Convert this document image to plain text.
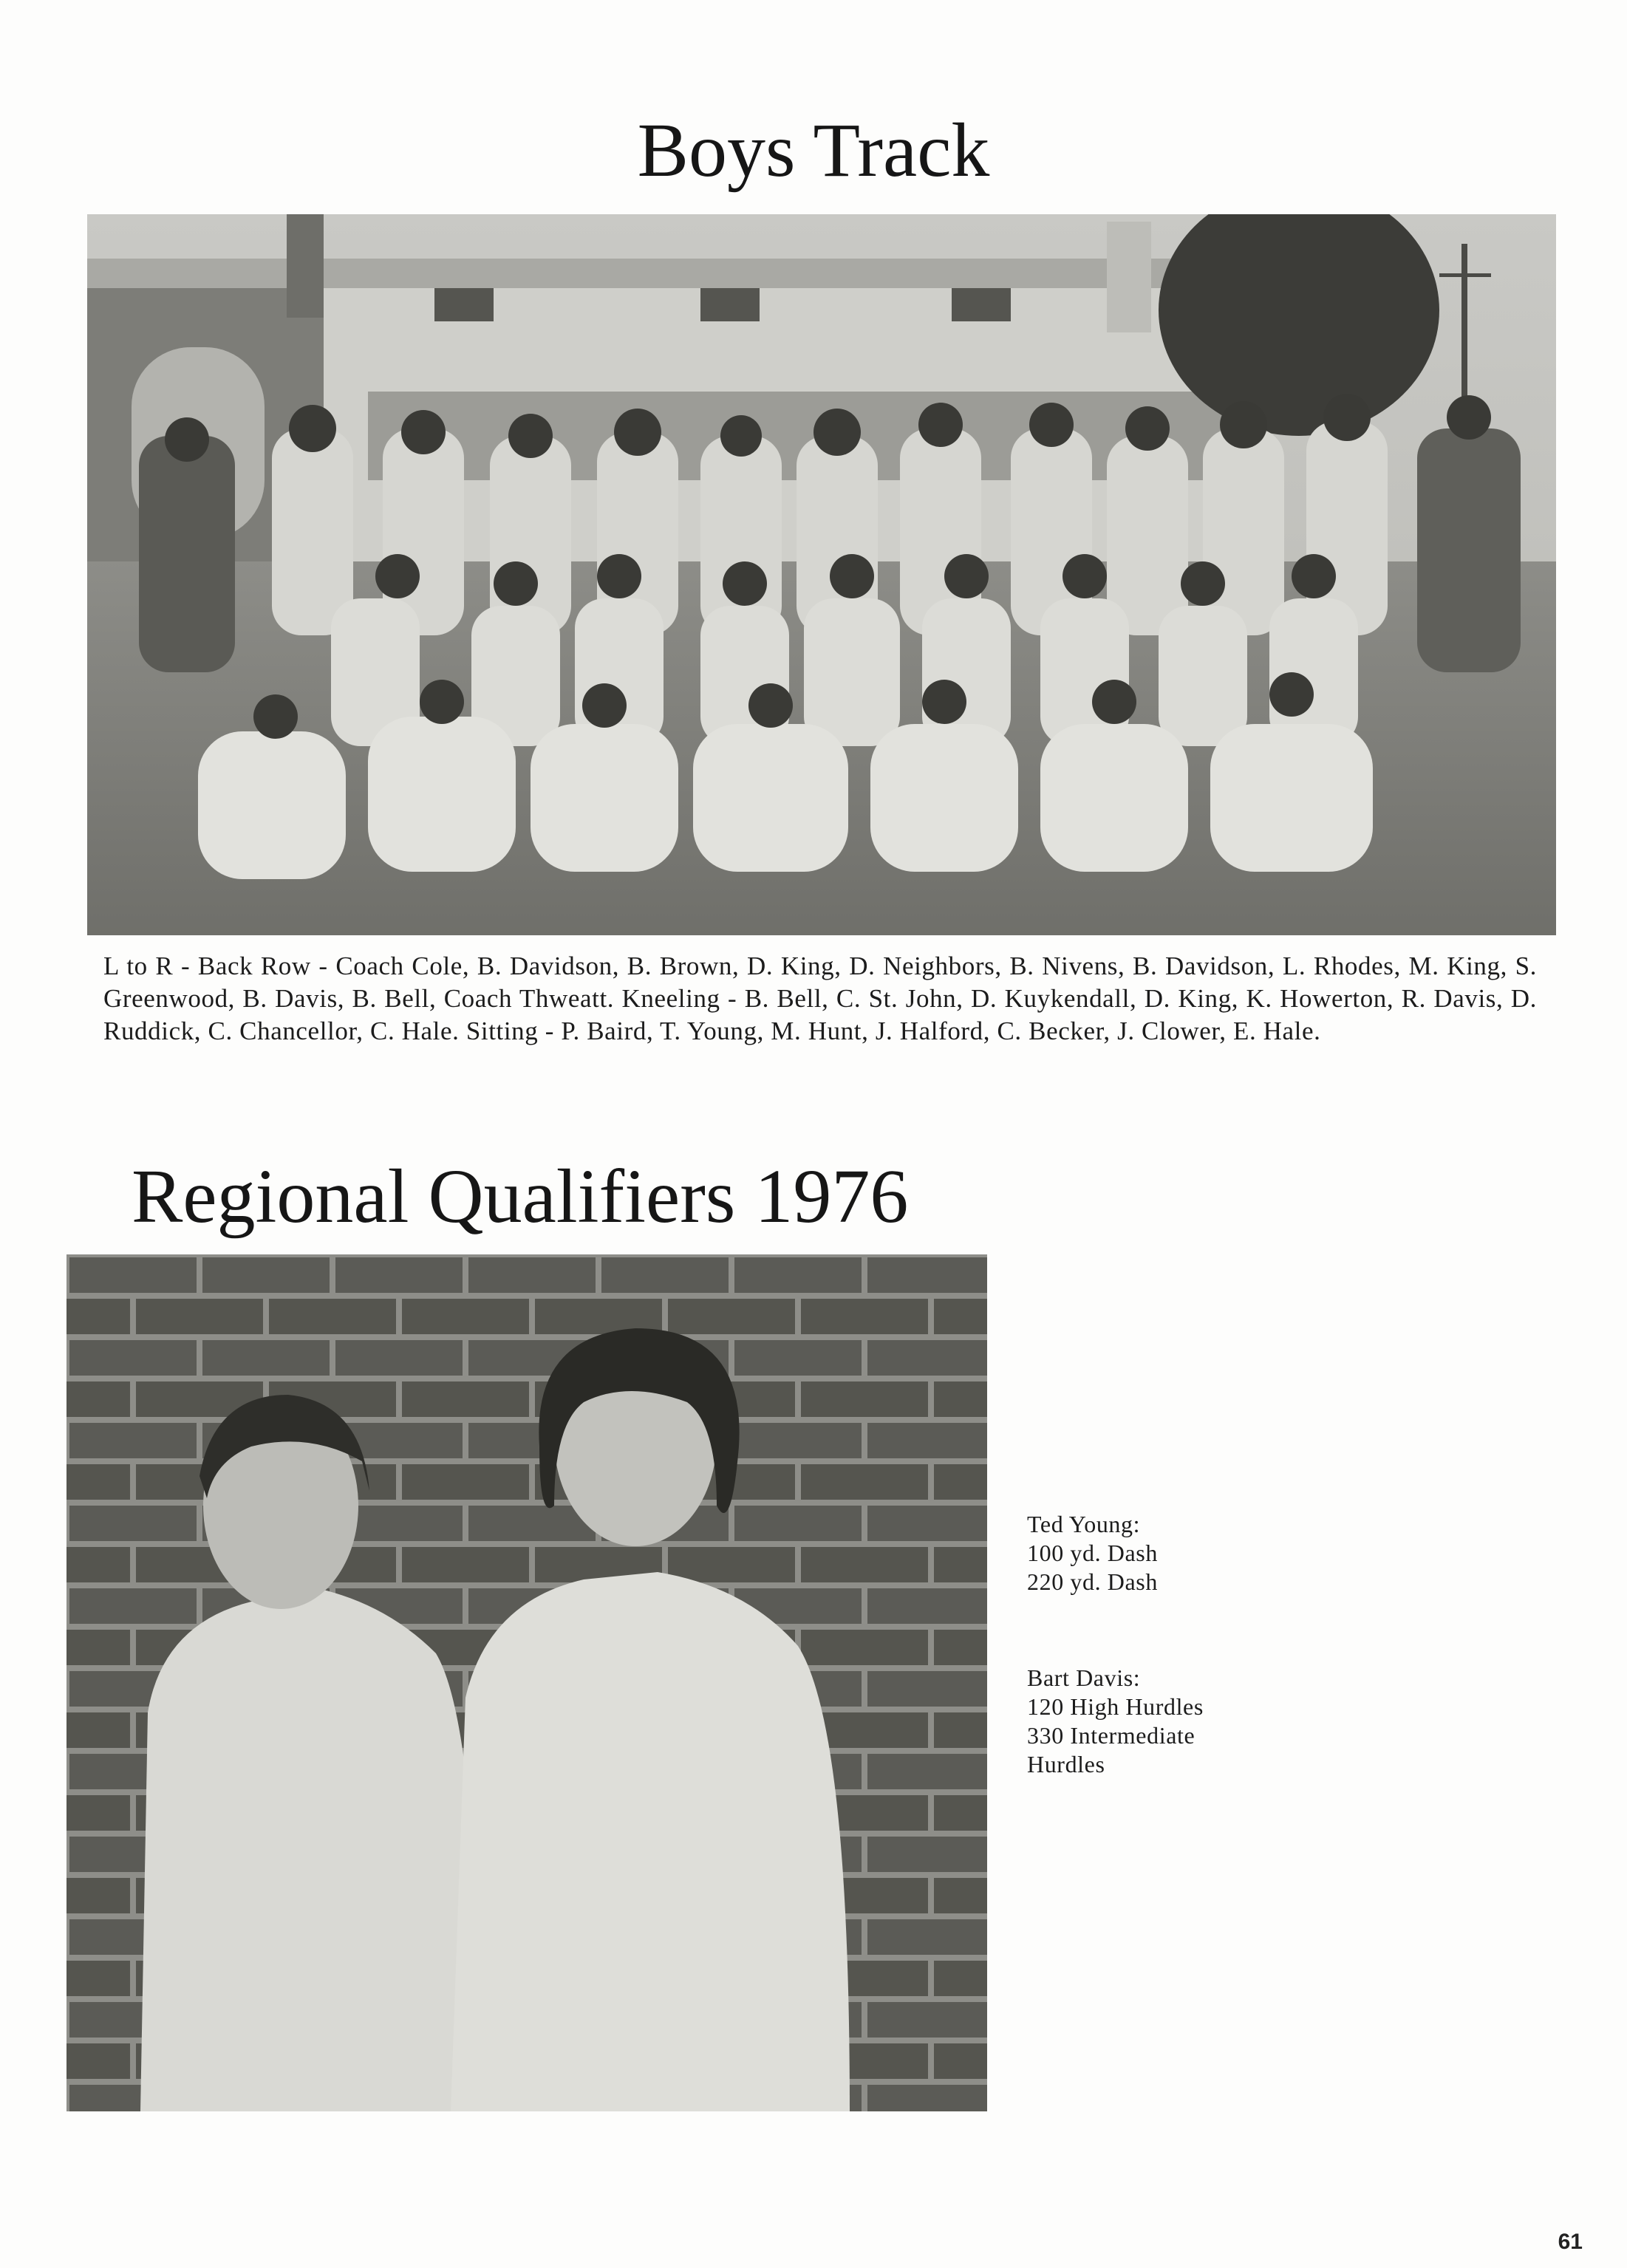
Boys Track

L to R - Back Row - Coach Cole, B. Davidson, B. Brown, D. King, D. Neighbors, B. Nivens, B. Davidson, L. Rhodes, M. King, S. Greenwood, B. Davis, B. Bell, Coach Thweatt. Kneeling - B. Bell, C. St. John, D. Kuykendall, D. King, K. Howerton, R. Davis, D. Ruddick, C. Chancellor, C. Hale. Sitting - P. Baird, T. Young, M. Hunt, J. Halford, C. Becker, J. Clower, E. Hale.

Regional Qualifiers 1976
Ted Young:
100 yd. Dash
220 yd. Dash
Bart Davis:
120 High Hurdles
330 Intermediate
Hurdles
61
